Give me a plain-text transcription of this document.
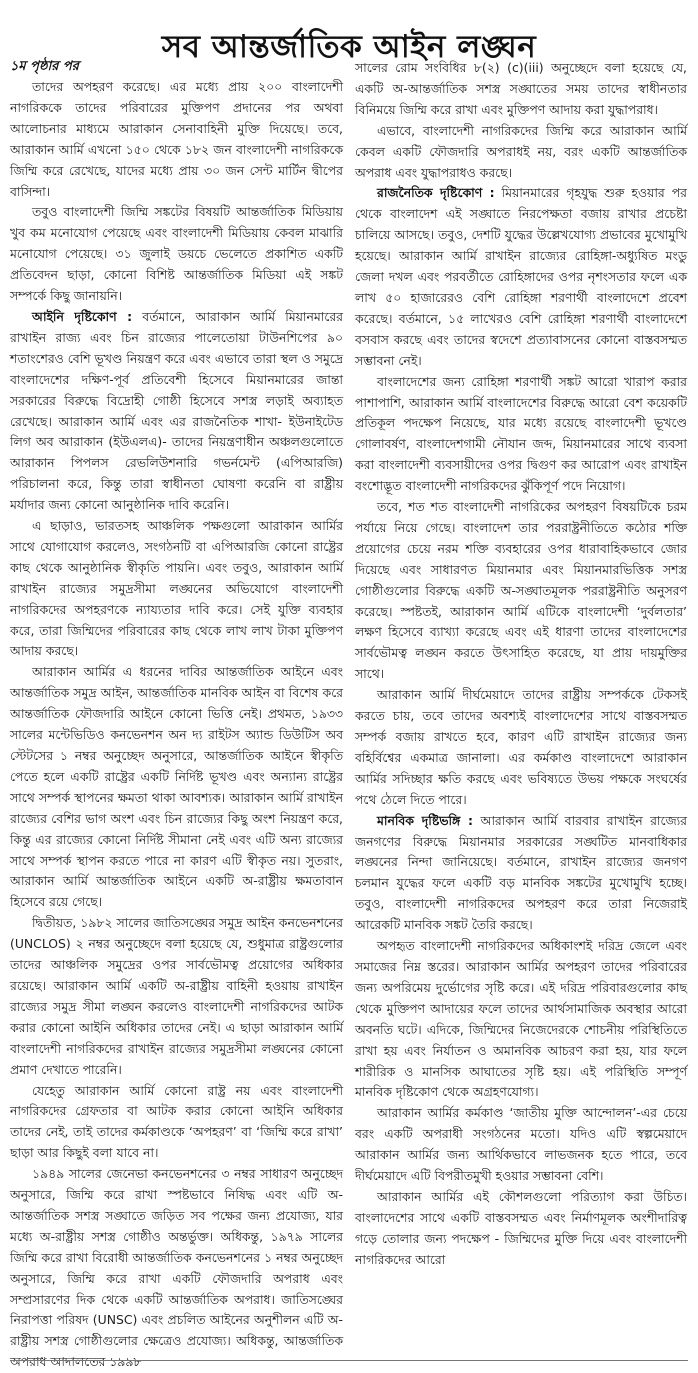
সব আন্তর্জাতিক আইন লঙ্ঘন
১ম পৃষ্ঠার পর

তাদের অপহরণ করেছে। এর মধ্যে প্রায় ২০০ বাংলাদেশী নাগরিককে তাদের পরিবারের মুক্তিপণ প্রদানের পর অথবা আলোচনার মাধ্যমে আরাকান সেনাবাহিনী মুক্তি দিয়েছে। তবে, আরাকান আর্মি এখনো ১৫০ থেকে ১৮২ জন বাংলাদেশী নাগরিককে জিম্মি করে রেখেছে, যাদের মধ্যে প্রায় ৩০ জন সেন্ট মার্টিন দ্বীপের বাসিন্দা।

তবুও বাংলাদেশী জিম্মি সঙ্কটের বিষয়টি আন্তর্জাতিক মিডিয়ায় খুব কম মনোযোগ পেয়েছে এবং বাংলাদেশী মিডিয়ায় কেবল মাঝারি মনোযোগ পেয়েছে। ৩১ জুলাই ডয়চে ভেলেতে প্রকাশিত একটি প্রতিবেদন ছাড়া, কোনো বিশিষ্ট আন্তর্জাতিক মিডিয়া এই সঙ্কট সম্পর্কে কিছু জানায়নি।

আইনি দৃষ্টিকোণ : বর্তমানে, আরাকান আর্মি মিয়ানমারের রাখাইন রাজ্য এবং চিন রাজ্যের পালেতোয়া টাউনশিপের ৯০ শতাংশেরও বেশি ভূখণ্ড নিয়ন্ত্রণ করে এবং এভাবে তারা স্থল ও সমুদ্রে বাংলাদেশের দক্ষিণ-পূর্ব প্রতিবেশী হিসেবে মিয়ানমারের জান্তা সরকারের বিরুদ্ধে বিদ্রোহী গোষ্ঠী হিসেবে সশস্ত্র লড়াই অব্যাহত রেখেছে। আরাকান আর্মি এবং এর রাজনৈতিক শাখা- ইউনাইটেড লিগ অব আরাকান (ইউএলএ)- তাদের নিয়ন্ত্রণাধীন অঞ্চলগুলোতে আরাকান পিপলস রেভলিউশনারি গভর্নমেন্ট (এপিআরজি) পরিচালনা করে, কিন্তু তারা স্বাধীনতা ঘোষণা করেনি বা রাষ্ট্রীয় মর্যাদার জন্য কোনো আনুষ্ঠানিক দাবি করেনি।

এ ছাড়াও, ভারতসহ আঞ্চলিক পক্ষগুলো আরাকান আর্মির সাথে যোগাযোগ করলেও, সংগঠনটি বা এপিআরজি কোনো রাষ্ট্রের কাছ থেকে আনুষ্ঠানিক স্বীকৃতি পায়নি। এবং তবুও, আরাকান আর্মি রাখাইন রাজ্যের সমুদ্রসীমা লঙ্ঘনের অভিযোগে বাংলাদেশী নাগরিকদের অপহরণকে ন্যায্যতার দাবি করে। সেই যুক্তি ব্যবহার করে, তারা জিম্মিদের পরিবারের কাছ থেকে লাখ লাখ টাকা মুক্তিপণ আদায় করছে।

আরাকান আর্মির এ ধরনের দাবির আন্তর্জাতিক আইনে এবং আন্তর্জাতিক সমুদ্র আইন, আন্তর্জাতিক মানবিক আইন বা বিশেষ করে আন্তর্জাতিক ফৌজদারি আইনে কোনো ভিত্তি নেই। প্রথমত, ১৯৩৩ সালের মন্টেভিডিও কনভেনশন অন দ্য রাইটস অ্যান্ড ডিউটিস অব স্টেটসের ১ নম্বর অনুচ্ছেদ অনুসারে, আন্তর্জাতিক আইনে স্বীকৃতি পেতে হলে একটি রাষ্ট্রের একটি নির্দিষ্ট ভূখণ্ড এবং অন্যান্য রাষ্ট্রের সাথে সম্পর্ক স্থাপনের ক্ষমতা থাকা আবশ্যক। আরাকান আর্মি রাখাইন রাজ্যের বেশির ভাগ অংশ এবং চিন রাজ্যের কিছু অংশ নিয়ন্ত্রণ করে, কিন্তু এর রাজ্যের কোনো নির্দিষ্ট সীমানা নেই এবং এটি অন্য রাজ্যের সাথে সম্পর্ক স্থাপন করতে পারে না কারণ এটি স্বীকৃত নয়। সুতরাং, আরাকান আর্মি আন্তর্জাতিক আইনে একটি অ-রাষ্ট্রীয় ক্ষমতাবান হিসেবে রয়ে গেছে।

দ্বিতীয়ত, ১৯৮২ সালের জাতিসঙ্ঘের সমুদ্র আইন কনভেনশনের (UNCLOS) ২ নম্বর অনুচ্ছেদে বলা হয়েছে যে, শুধুমাত্র রাষ্ট্রগুলোর তাদের আঞ্চলিক সমুদ্রের ওপর সার্বভৌমত্ব প্রয়োগের অধিকার রয়েছে। আরাকান আর্মি একটি অ-রাষ্ট্রীয় বাহিনী হওয়ায় রাখাইন রাজ্যের সমুদ্র সীমা লঙ্ঘন করলেও বাংলাদেশী নাগরিকদের আটক করার কোনো আইনি অধিকার তাদের নেই। এ ছাড়া আরাকান আর্মি বাংলাদেশী নাগরিকদের রাখাইন রাজ্যের সমুদ্রসীমা লঙ্ঘনের কোনো প্রমাণ দেখাতে পারেনি।

যেহেতু আরাকান আর্মি কোনো রাষ্ট্র নয় এবং বাংলাদেশী নাগরিকদের গ্রেফতার বা আটক করার কোনো আইনি অধিকার তাদের নেই, তাই তাদের কর্মকাণ্ডকে ‘অপহরণ’ বা ‘জিম্মি করে রাখা’ ছাড়া আর কিছুই বলা যাবে না।

১৯৪৯ সালের জেনেভা কনভেনশনের ৩ নম্বর সাধারণ অনুচ্ছেদ অনুসারে, জিম্মি করে রাখা স্পষ্টভাবে নিষিদ্ধ এবং এটি অ-আন্তর্জাতিক সশস্ত্র সঙ্ঘাতে জড়িত সব পক্ষের জন্য প্রযোজ্য, যার মধ্যে অ-রাষ্ট্রীয় সশস্ত্র গোষ্ঠীও অন্তর্ভুক্ত। অধিকন্তু, ১৯৭৯ সালের জিম্মি করে রাখা বিরোধী আন্তর্জাতিক কনভেনশনের ১ নম্বর অনুচ্ছেদ অনুসারে, জিম্মি করে রাখা একটি ফৌজদারি অপরাধ এবং সম্প্রসারণের দিক থেকে একটি আন্তর্জাতিক অপরাধ। জাতিসঙ্ঘের নিরাপত্তা পরিষদ (UNSC) এবং প্রচলিত আইনের অনুশীলন এটি অ-রাষ্ট্রীয় সশস্ত্র গোষ্ঠীগুলোর ক্ষেত্রেও প্রযোজ্য। অধিকন্তু, আন্তর্জাতিক অপরাধ আদালতের ১৯৯৮

সালের রোম সংবিধির ৮(২) (c)(iii) অনুচ্ছেদে বলা হয়েছে যে, একটি অ-আন্তর্জাতিক সশস্ত্র সঙ্ঘাতের সময় তাদের স্বাধীনতার বিনিময়ে জিম্মি করে রাখা এবং মুক্তিপণ আদায় করা যুদ্ধাপরাধ।

এভাবে, বাংলাদেশী নাগরিকদের জিম্মি করে আরাকান আর্মি কেবল একটি ফৌজদারি অপরাধই নয়, বরং একটি আন্তর্জাতিক অপরাধ এবং যুদ্ধাপরাধও করছে।

রাজনৈতিক দৃষ্টিকোণ : মিয়ানমারের গৃহযুদ্ধ শুরু হওয়ার পর থেকে বাংলাদেশ এই সঙ্ঘাতে নিরপেক্ষতা বজায় রাখার প্রচেষ্টা চালিয়ে আসছে। তবুও, দেশটি যুদ্ধের উল্লেখযোগ্য প্রভাবের মুখোমুখি হয়েছে। আরাকান আর্মি রাখাইন রাজ্যের রোহিঙ্গা-অধ্যুষিত মংডু জেলা দখল এবং পরবর্তীতে রোহিঙ্গাদের ওপর নৃশংসতার ফলে এক লাখ ৫০ হাজারেরও বেশি রোহিঙ্গা শরণার্থী বাংলাদেশে প্রবেশ করেছে। বর্তমানে, ১৫ লাখেরও বেশি রোহিঙ্গা শরণার্থী বাংলাদেশে বসবাস করছে এবং তাদের স্বদেশে প্রত্যাবাসনের কোনো বাস্তবসম্মত সম্ভাবনা নেই।

বাংলাদেশের জন্য রোহিঙ্গা শরণার্থী সঙ্কট আরো খারাপ করার পাশাপাশি, আরাকান আর্মি বাংলাদেশের বিরুদ্ধে আরো বেশ কয়েকটি প্রতিকূল পদক্ষেপ নিয়েছে, যার মধ্যে রয়েছে বাংলাদেশী ভূখণ্ডে গোলাবর্ষণ, বাংলাদেশগামী নৌযান জব্দ, মিয়ানমারের সাথে ব্যবসা করা বাংলাদেশী ব্যবসায়ীদের ওপর দ্বিগুণ কর আরোপ এবং রাখাইন বংশোদ্ভূত বাংলাদেশী নাগরিকদের ঝুঁকিপূর্ণ পদে নিয়োগ।

তবে, শত শত বাংলাদেশী নাগরিকের অপহরণ বিষয়টিকে চরম পর্যায়ে নিয়ে গেছে। বাংলাদেশ তার পররাষ্ট্রনীতিতে কঠোর শক্তি প্রয়োগের চেয়ে নরম শক্তি ব্যবহারের ওপর ধারাবাহিকভাবে জোর দিয়েছে এবং সাধারণত মিয়ানমার এবং মিয়ানমারভিত্তিক সশস্ত্র গোষ্ঠীগুলোর বিরুদ্ধে একটি অ-সঙ্ঘাতমূলক পররাষ্ট্রনীতি অনুসরণ করেছে। স্পষ্টতই, আরাকান আর্মি এটিকে বাংলাদেশী ‘দুর্বলতার’ লক্ষণ হিসেবে ব্যাখ্যা করেছে এবং এই ধারণা তাদের বাংলাদেশের সার্বভৌমত্ব লঙ্ঘন করতে উৎসাহিত করেছে, যা প্রায় দায়মুক্তির সাথে।

আরাকান আর্মি দীর্ঘমেয়াদে তাদের রাষ্ট্রীয় সম্পর্ককে টেকসই করতে চায়, তবে তাদের অবশ্যই বাংলাদেশের সাথে বাস্তবসম্মত সম্পর্ক বজায় রাখতে হবে, কারণ এটি রাখাইন রাজ্যের জন্য বহির্বিশ্বের একমাত্র জানালা। এর কর্মকাণ্ড বাংলাদেশে আরাকান আর্মির সদিচ্ছার ক্ষতি করছে এবং ভবিষ্যতে উভয় পক্ষকে সংঘর্ষের পথে ঠেলে দিতে পারে।

মানবিক দৃষ্টিভঙ্গি : আরাকান আর্মি বারবার রাখাইন রাজ্যের জনগণের বিরুদ্ধে মিয়ানমার সরকারের সঙ্ঘটিত মানবাধিকার লঙ্ঘনের নিন্দা জানিয়েছে। বর্তমানে, রাখাইন রাজ্যের জনগণ চলমান যুদ্ধের ফলে একটি বড় মানবিক সঙ্কটের মুখোমুখি হচ্ছে। তবুও, বাংলাদেশী নাগরিকদের অপহরণ করে তারা নিজেরাই আরেকটি মানবিক সঙ্কট তৈরি করছে।

অপহৃত বাংলাদেশী নাগরিকদের অধিকাংশই দরিদ্র জেলে এবং সমাজের নিম্ন স্তরের। আরাকান আর্মির অপহরণ তাদের পরিবারের জন্য অপরিমেয় দুর্ভোগের সৃষ্টি করে। এই দরিদ্র পরিবারগুলোর কাছ থেকে মুক্তিপণ আদায়ের ফলে তাদের আর্থসামাজিক অবস্থার আরো অবনতি ঘটে। এদিকে, জিম্মিদের নিজেদেরকে শোচনীয় পরিস্থিতিতে রাখা হয় এবং নির্যাতন ও অমানবিক আচরণ করা হয়, যার ফলে শারীরিক ও মানসিক আঘাতের সৃষ্টি হয়। এই পরিস্থিতি সম্পূর্ণ মানবিক দৃষ্টিকোণ থেকে অগ্রহণযোগ্য।

আরাকান আর্মির কর্মকাণ্ড ‘জাতীয় মুক্তি আন্দোলন’-এর চেয়ে বরং একটি অপরাধী সংগঠনের মতো। যদিও এটি স্বল্পমেয়াদে আরাকান আর্মির জন্য আর্থিকভাবে লাভজনক হতে পারে, তবে দীর্ঘমেয়াদে এটি বিপরীতমুখী হওয়ার সম্ভাবনা বেশি।

আরাকান আর্মির এই কৌশলগুলো পরিত্যাগ করা উচিত। বাংলাদেশের সাথে একটি বাস্তবসম্মত এবং নির্মাণমূলক অংশীদারিত্ব গড়ে তোলার জন্য পদক্ষেপ - জিম্মিদের মুক্তি দিয়ে এবং বাংলাদেশী নাগরিকদের আরো
